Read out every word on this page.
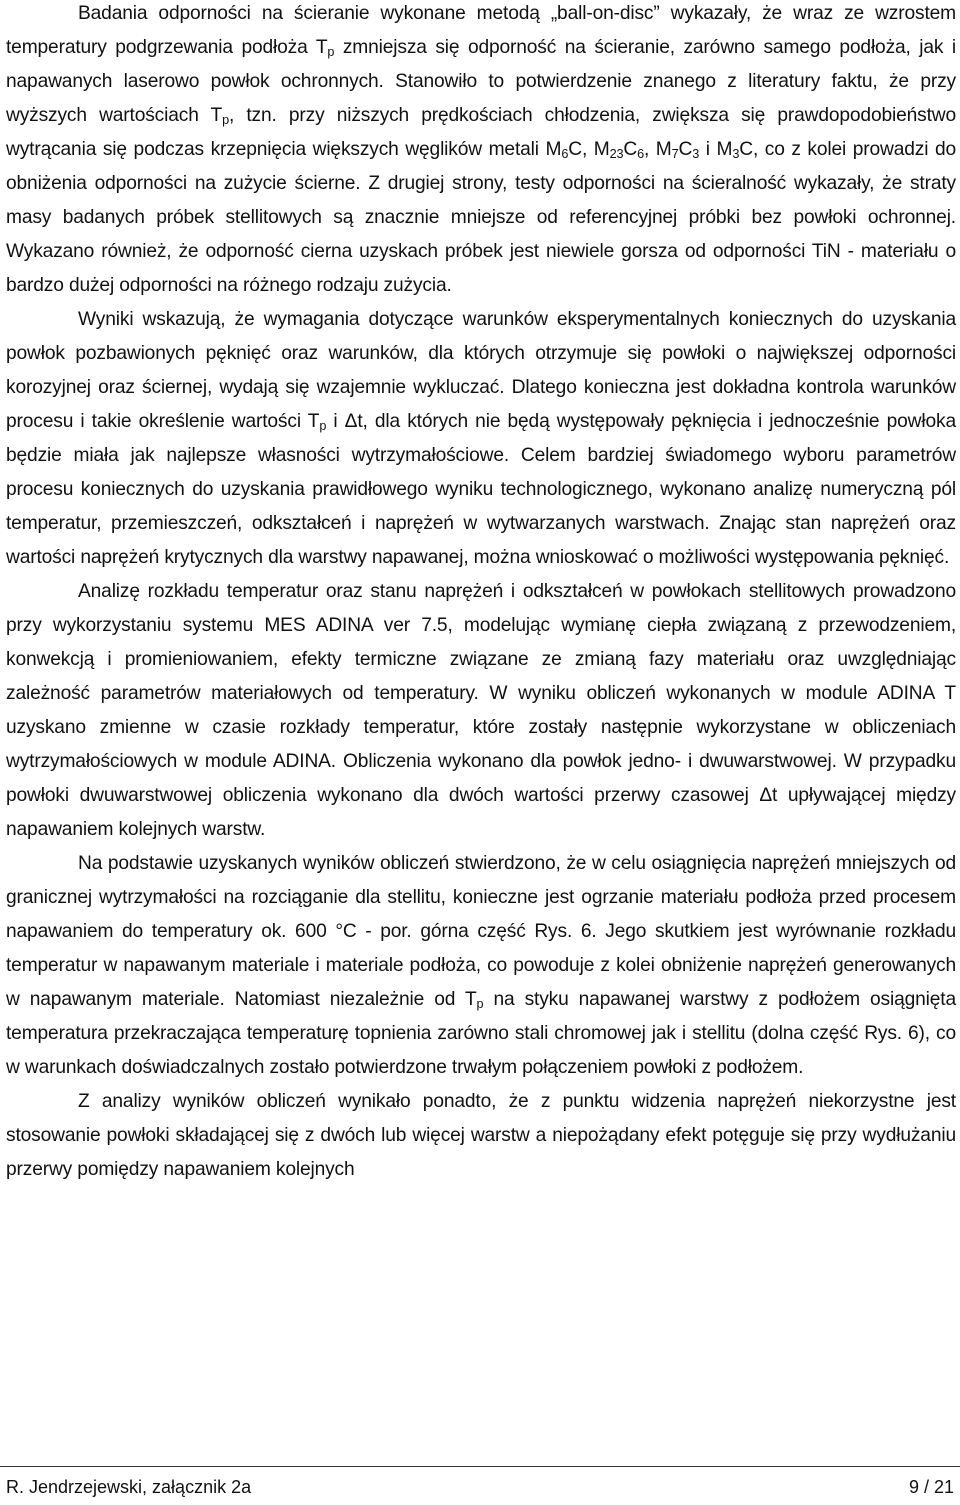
Badania odporności na ścieranie wykonane metodą „ball-on-disc” wykazały, że wraz ze wzrostem temperatury podgrzewania podłoża $T_p$ zmniejsza się odporność na ścieranie, zarówno samego podłoża, jak i napawanych laserowo powłok ochronnych. Stanowiło to potwierdzenie znanego z literatury faktu, że przy wyższych wartościach $T_p$, tzn. przy niższych prędkościach chłodzenia, zwiększa się prawdopodobieństwo wytrącania się podczas krzepnięcia większych węglików metali $M_6C$, $M_{23}C_6$, $M_7C_3$ i $M_3C$, co z kolei prowadzi do obniżenia odporności na zużycie ścierne. Z drugiej strony, testy odporności na ścieralność wykazały, że straty masy badanych próbek stellitowych są znacznie mniejsze od referencyjnej próbki bez powłoki ochronnej. Wykazano również, że odporność cierna uzyskach próbek jest niewiele gorsza od odporności TiN - materiału o bardzo dużej odporności na różnego rodzaju zużycia.

Wyniki wskazują, że wymagania dotyczące warunków eksperymentalnych koniecznych do uzyskania powłok pozbawionych pęknięć oraz warunków, dla których otrzymuje się powłoki o największej odporności korozyjnej oraz ściernej, wydają się wzajemnie wykluczać. Dlatego konieczna jest dokładna kontrola warunków procesu i takie określenie wartości $T_p$ i Δt, dla których nie będą występowały pęknięcia i jednocześnie powłoka będzie miała jak najlepsze własności wytrzymałościowe. Celem bardziej świadomego wyboru parametrów procesu koniecznych do uzyskania prawidłowego wyniku technologicznego, wykonano analizę numeryczną pól temperatur, przemieszczeń, odkształceń i naprężeń w wytwarzanych warstwach. Znając stan naprężeń oraz wartości naprężeń krytycznych dla warstwy napawanej, można wnioskować o możliwości występowania pęknięć.

Analizę rozkładu temperatur oraz stanu naprężeń i odkształceń w powłokach stellitowych prowadzono przy wykorzystaniu systemu MES ADINA ver 7.5, modelując wymianę ciepła związaną z przewodzeniem, konwekcją i promieniowaniem, efekty termiczne związane ze zmianą fazy materiału oraz uwzględniając zależność parametrów materiałowych od temperatury. W wyniku obliczeń wykonanych w module ADINA T uzyskano zmienne w czasie rozkłady temperatur, które zostały następnie wykorzystane w obliczeniach wytrzymałościowych w module ADINA. Obliczenia wykonano dla powłok jedno- i dwuwarstwowej. W przypadku powłoki dwuwarstwowej obliczenia wykonano dla dwóch wartości przerwy czasowej Δt upływającej między napawaniem kolejnych warstw.

Na podstawie uzyskanych wyników obliczeń stwierdzono, że w celu osiągnięcia naprężeń mniejszych od granicznej wytrzymałości na rozciąganie dla stellitu, konieczne jest ogrzanie materiału podłoża przed procesem napawaniem do temperatury ok. 600 °C - por. górna część Rys. 6. Jego skutkiem jest wyrównanie rozkładu temperatur w napawanym materiale i materiale podłoża, co powoduje z kolei obniżenie naprężeń generowanych w napawanym materiale. Natomiast niezależnie od $T_p$ na styku napawanej warstwy z podłożem osiągnięta temperatura przekraczająca temperaturę topnienia zarówno stali chromowej jak i stellitu (dolna część Rys. 6), co w warunkach doświadczalnych zostało potwierdzone trwałym połączeniem powłoki z podłożem.

Z analizy wyników obliczeń wynikało ponadto, że z punktu widzenia naprężeń niekorzystne jest stosowanie powłoki składającej się z dwóch lub więcej warstw a niepożądany efekt potęguje się przy wydłużaniu przerwy pomiędzy napawaniem kolejnych

R. Jendrzejewski, załącznik 2a	9 / 21
